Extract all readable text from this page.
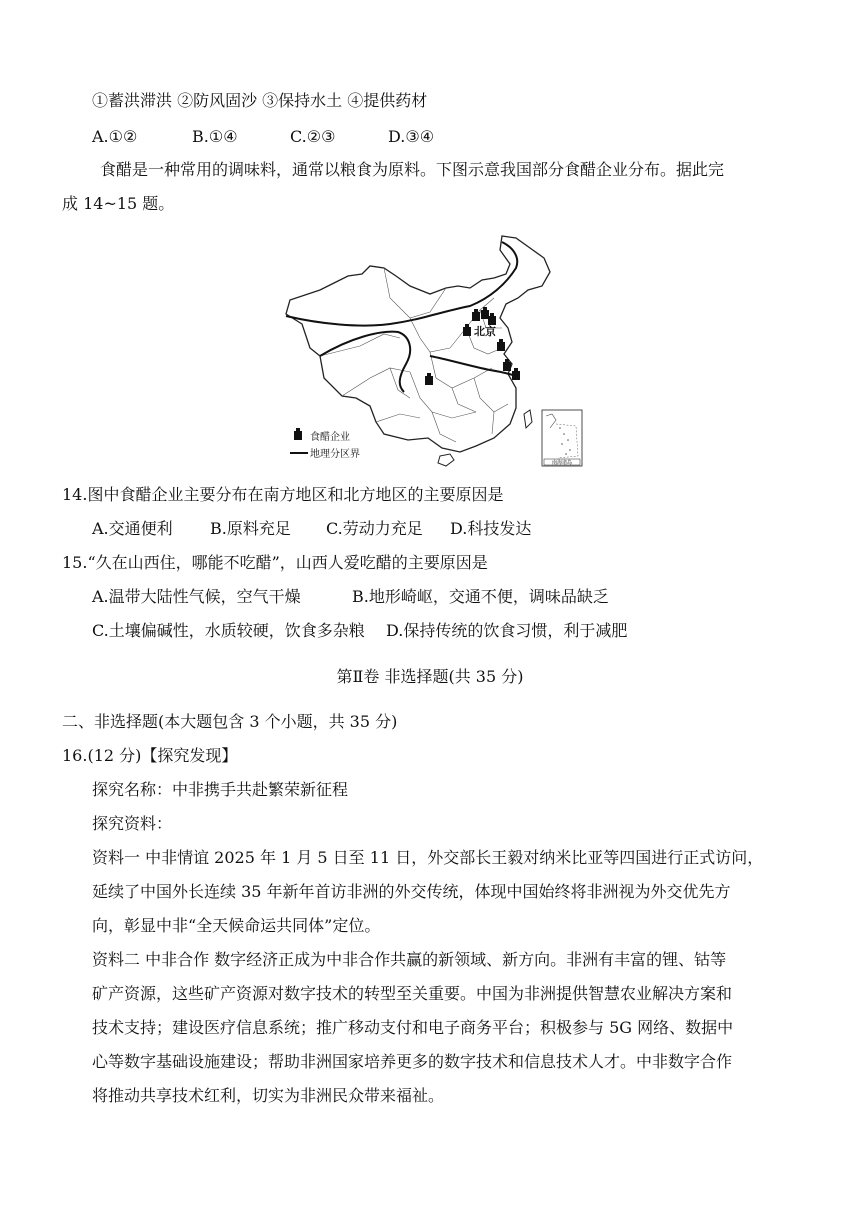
①蓄洪滞洪 ②防风固沙 ③保持水土 ④提供药材
A.①②	B.①④	C.②③	D.③④
食醋是一种常用的调味料，通常以粮食为原料。下图示意我国部分食醋企业分布。据此完
成 14~15 题。
北京
食醋企业
地理分区界
南海诸岛
14.图中食醋企业主要分布在南方地区和北方地区的主要原因是
A.交通便利 B.原料充足 C.劳动力充足 D.科技发达
15.“久在山西住，哪能不吃醋”，山西人爱吃醋的主要原因是
A.温带大陆性气候，空气干燥	B.地形崎岖，交通不便，调味品缺乏
C.土壤偏碱性，水质较硬，饮食多杂粮 D.保持传统的饮食习惯，利于减肥
第Ⅱ卷 非选择题(共 35 分)
二、非选择题(本大题包含 3 个小题，共 35 分)
16.(12 分)【探究发现】
探究名称：中非携手共赴繁荣新征程
探究资料：
资料一 中非情谊 2025 年 1 月 5 日至 11 日，外交部长王毅对纳米比亚等四国进行正式访问，
延续了中国外长连续 35 年新年首访非洲的外交传统，体现中国始终将非洲视为外交优先方
向，彰显中非“全天候命运共同体”定位。
资料二 中非合作 数字经济正成为中非合作共赢的新领域、新方向。非洲有丰富的锂、钴等
矿产资源，这些矿产资源对数字技术的转型至关重要。中国为非洲提供智慧农业解决方案和
技术支持；建设医疗信息系统；推广移动支付和电子商务平台；积极参与 5G 网络、数据中
心等数字基础设施建设；帮助非洲国家培养更多的数字技术和信息技术人才。中非数字合作
将推动共享技术红利，切实为非洲民众带来福祉。
